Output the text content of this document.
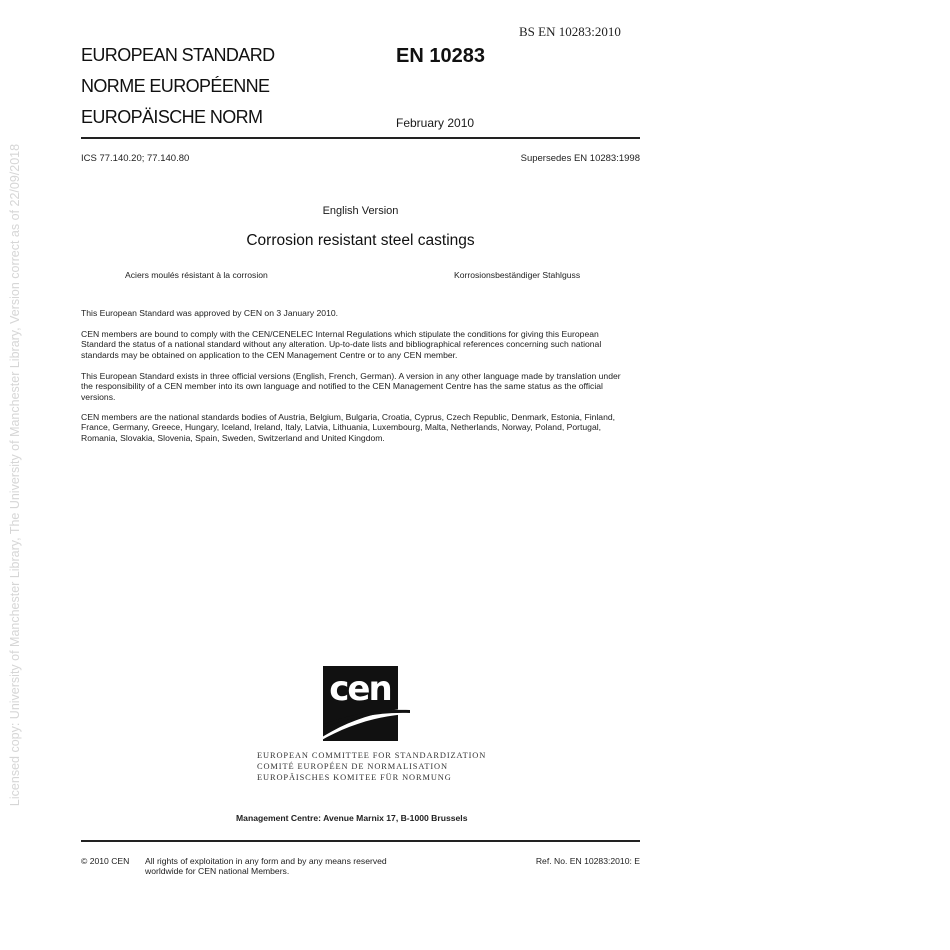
Licensed copy: University of Manchester Library, The University of Manchester Library, Version correct as of 22/09/2018
BS EN 10283:2010
EUROPEAN STANDARD
NORME EUROPÉENNE
EUROPÄISCHE NORM
EN 10283
February 2010
ICS 77.140.20; 77.140.80	Supersedes EN 10283:1998
English Version
Corrosion resistant steel castings
Aciers moulés résistant à la corrosion	Korrosionsbeständiger Stahlguss
This European Standard was approved by CEN on 3 January 2010.
CEN members are bound to comply with the CEN/CENELEC Internal Regulations which stipulate the conditions for giving this European Standard the status of a national standard without any alteration. Up-to-date lists and bibliographical references concerning such national standards may be obtained on application to the CEN Management Centre or to any CEN member.
This European Standard exists in three official versions (English, French, German). A version in any other language made by translation under the responsibility of a CEN member into its own language and notified to the CEN Management Centre has the same status as the official versions.
CEN members are the national standards bodies of Austria, Belgium, Bulgaria, Croatia, Cyprus, Czech Republic, Denmark, Estonia, Finland, France, Germany, Greece, Hungary, Iceland, Ireland, Italy, Latvia, Lithuania, Luxembourg, Malta, Netherlands, Norway, Poland, Portugal, Romania, Slovakia, Slovenia, Spain, Sweden, Switzerland and United Kingdom.
cen
EUROPEAN COMMITTEE FOR STANDARDIZATION
COMITÉ EUROPÉEN DE NORMALISATION
EUROPÄISCHES KOMITEE FÜR NORMUNG
Management Centre: Avenue Marnix 17, B-1000 Brussels
© 2010 CEN All rights of exploitation in any form and by any means reserved
worldwide for CEN national Members.
Ref. No. EN 10283:2010: E
